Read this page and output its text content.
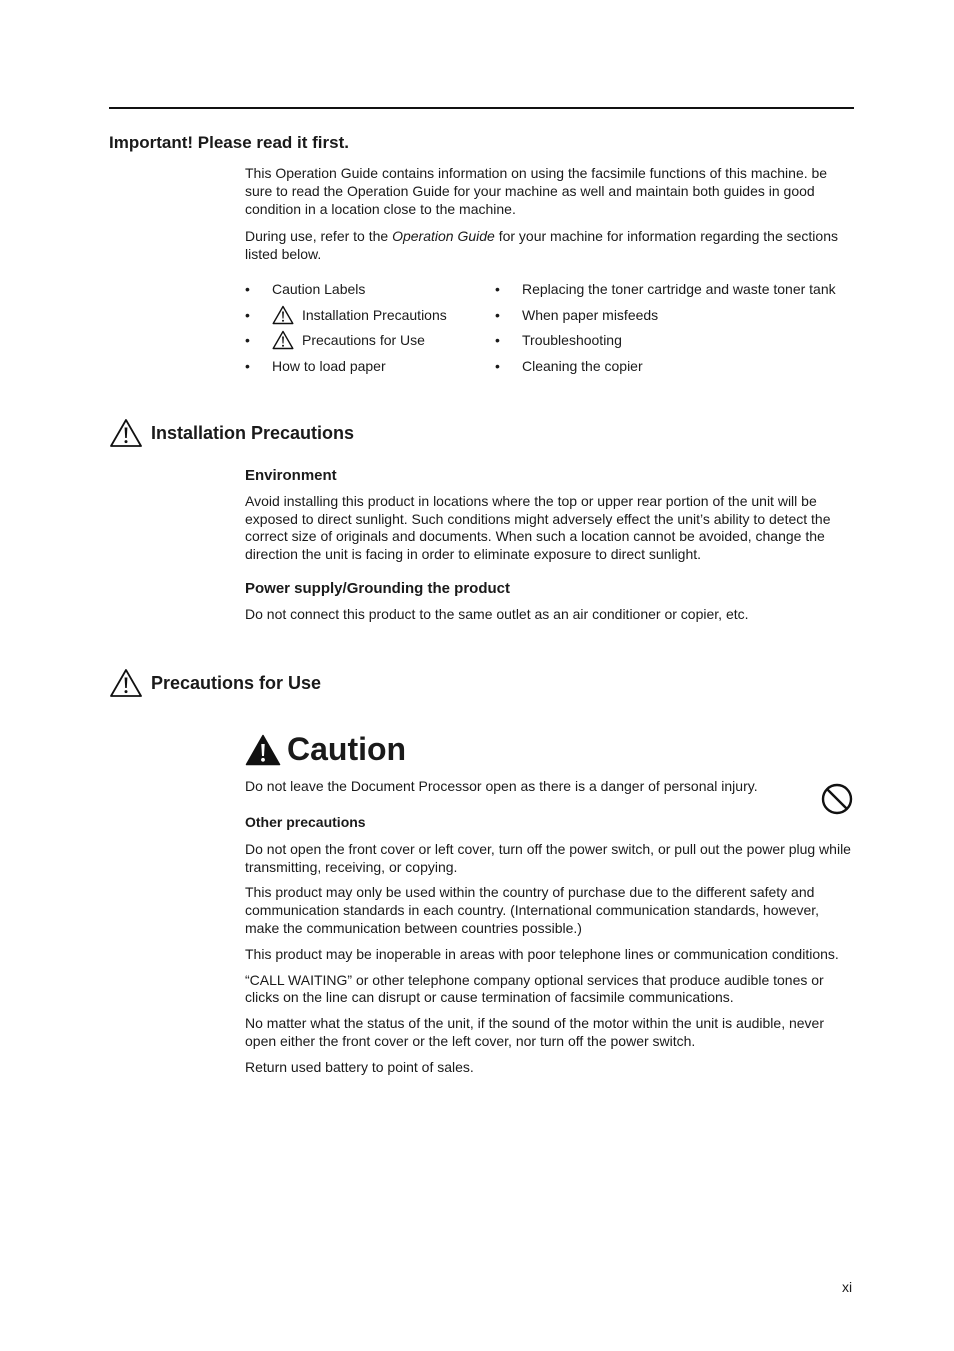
Important! Please read it first.

This Operation Guide contains information on using the facsimile functions of this machine. be sure to read the Operation Guide for your machine as well and maintain both guides in good condition in a location close to the machine.

During use, refer to the Operation Guide for your machine for information regarding the sections listed below.

•	Caution Labels
•	Installation Precautions
•	Precautions for Use
•	How to load paper
•	Replacing the toner cartridge and waste toner tank
•	When paper misfeeds
•	Troubleshooting
•	Cleaning the copier
Installation Precautions

Environment

Avoid installing this product in locations where the top or upper rear portion of the unit will be exposed to direct sunlight. Such conditions might adversely effect the unit’s ability to detect the correct size of originals and documents. When such a location cannot be avoided, change the direction the unit is facing in order to eliminate exposure to direct sunlight.

Power supply/Grounding the product

Do not connect this product to the same outlet as an air conditioner or copier, etc.

Precautions for Use
Caution
Do not leave the Document Processor open as there is a danger of personal injury.

Other precautions

Do not open the front cover or left cover, turn off the power switch, or pull out the power plug while transmitting, receiving, or copying.

This product may only be used within the country of purchase due to the different safety and communication standards in each country. (International communication standards, however, make the communication between countries possible.)

This product may be inoperable in areas with poor telephone lines or communication conditions.

“CALL WAITING” or other telephone company optional services that produce audible tones or clicks on the line can disrupt or cause termination of facsimile communications.

No matter what the status of the unit, if the sound of the motor within the unit is audible, never open either the front cover or the left cover, nor turn off the power switch.

Return used battery to point of sales.

xi
